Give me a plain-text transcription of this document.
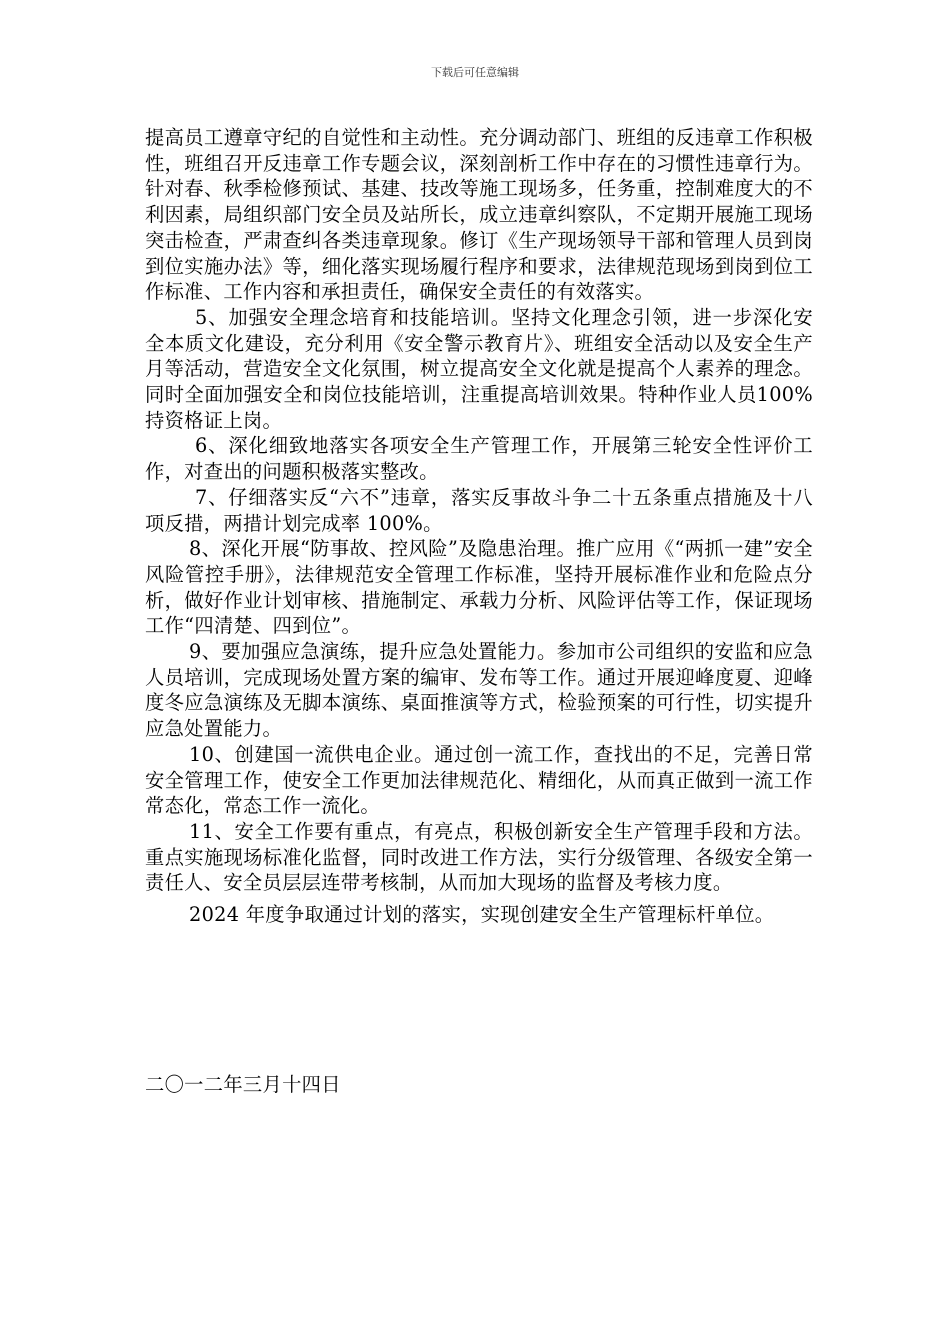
下载后可任意编辑

提高员工遵章守纪的自觉性和主动性。充分调动部门、班组的反违章工作积极性，班组召开反违章工作专题会议，深刻剖析工作中存在的习惯性违章行为。针对春、秋季检修预试、基建、技改等施工现场多，任务重，控制难度大的不利因素，局组织部门安全员及站所长，成立违章纠察队，不定期开展施工现场突击检查，严肃查纠各类违章现象。修订《生产现场领导干部和管理人员到岗到位实施办法》等，细化落实现场履行程序和要求，法律规范现场到岗到位工作标准、工作内容和承担责任，确保安全责任的有效落实。

5、加强安全理念培育和技能培训。坚持文化理念引领，进一步深化安全本质文化建设，充分利用《安全警示教育片》、班组安全活动以及安全生产月等活动，营造安全文化氛围，树立提高安全文化就是提高个人素养的理念。同时全面加强安全和岗位技能培训，注重提高培训效果。特种作业人员100%持资格证上岗。

6、深化细致地落实各项安全生产管理工作，开展第三轮安全性评价工作，对查出的问题积极落实整改。

7、仔细落实反“六不”违章，落实反事故斗争二十五条重点措施及十八项反措，两措计划完成率 100%。

8、深化开展“防事故、控风险”及隐患治理。推广应用《“两抓一建”安全风险管控手册》，法律规范安全管理工作标准，坚持开展标准作业和危险点分析，做好作业计划审核、措施制定、承载力分析、风险评估等工作，保证现场工作“四清楚、四到位”。

9、要加强应急演练，提升应急处置能力。参加市公司组织的安监和应急人员培训，完成现场处置方案的编审、发布等工作。通过开展迎峰度夏、迎峰度冬应急演练及无脚本演练、桌面推演等方式，检验预案的可行性，切实提升应急处置能力。

10、创建国一流供电企业。通过创一流工作，查找出的不足，完善日常安全管理工作，使安全工作更加法律规范化、精细化，从而真正做到一流工作常态化，常态工作一流化。

11、安全工作要有重点，有亮点，积极创新安全生产管理手段和方法。重点实施现场标准化监督，同时改进工作方法，实行分级管理、各级安全第一责任人、安全员层层连带考核制，从而加大现场的监督及考核力度。

2024 年度争取通过计划的落实，实现创建安全生产管理标杆单位。

二〇一二年三月十四日
